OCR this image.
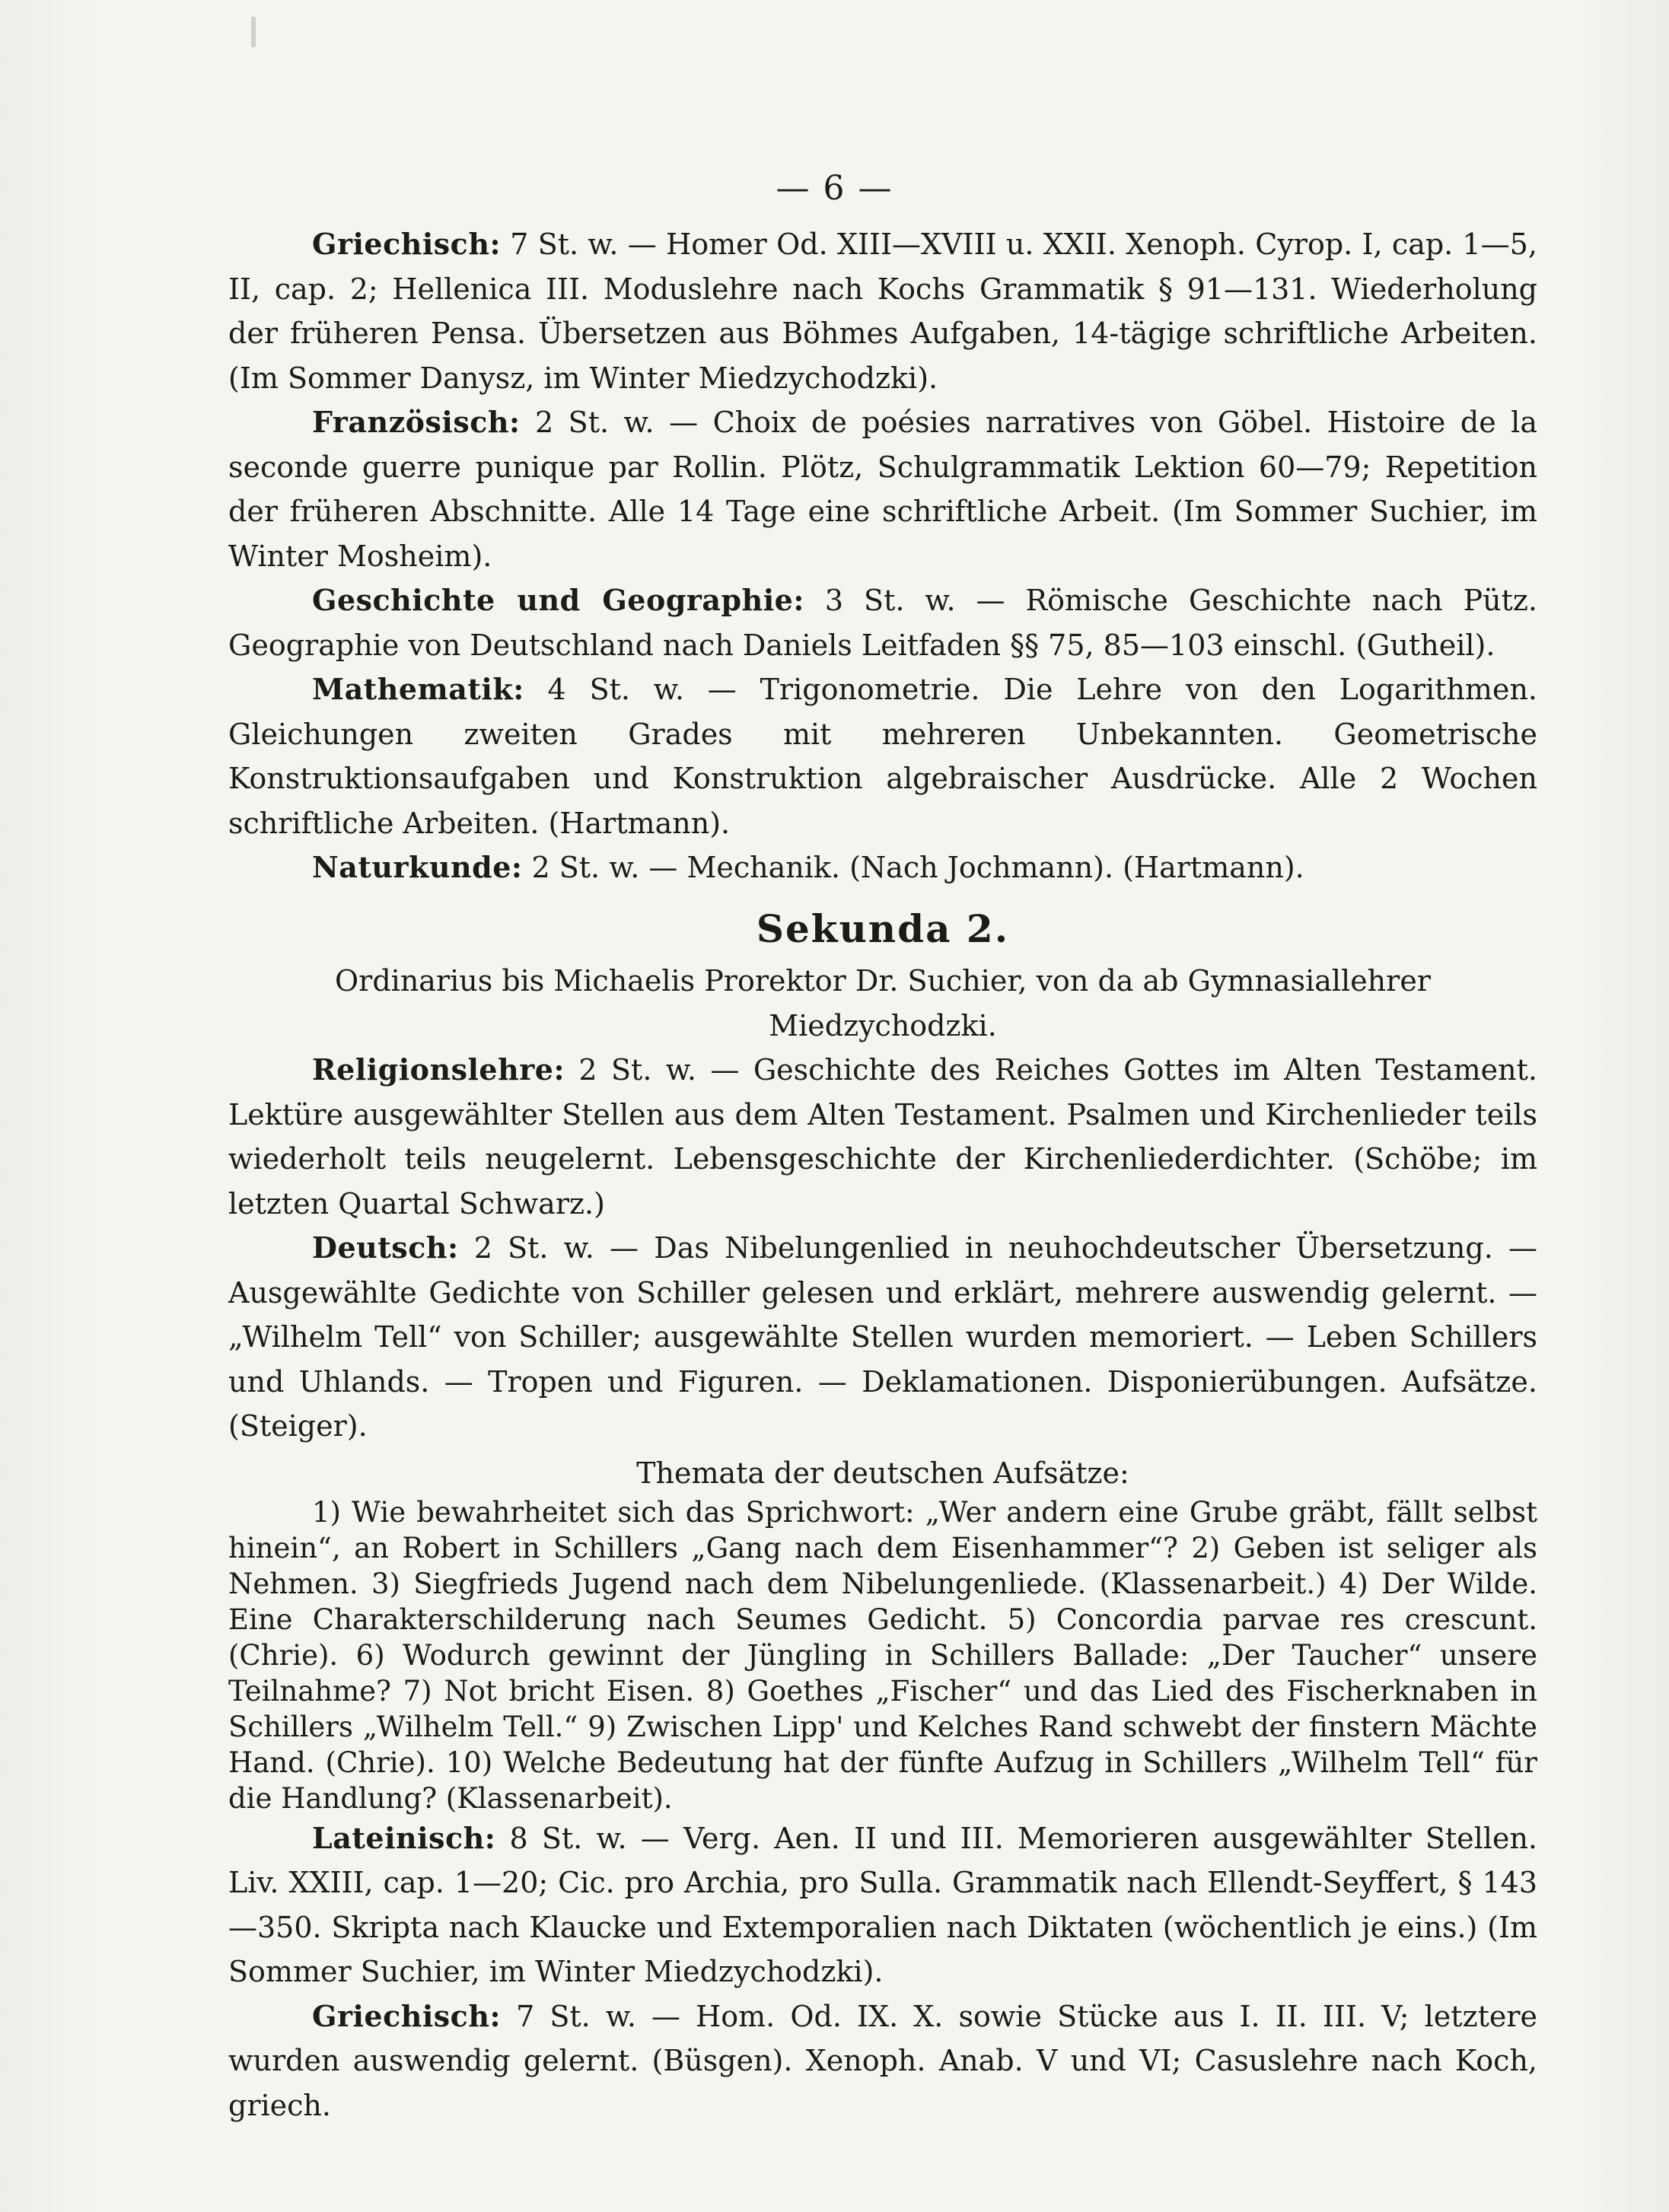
— 6 —

Griechisch: 7 St. w. — Homer Od. XIII—XVIII u. XXII. Xenoph. Cyrop. I, cap. 1—5, II, cap. 2; Hellenica III. Moduslehre nach Kochs Grammatik § 91—131. Wiederholung der früheren Pensa. Übersetzen aus Böhmes Aufgaben, 14-tägige schriftliche Arbeiten. (Im Sommer Danysz, im Winter Miedzychodzki).

Französisch: 2 St. w. — Choix de poésies narratives von Göbel. Histoire de la seconde guerre punique par Rollin. Plötz, Schulgrammatik Lektion 60—79; Repetition der früheren Abschnitte. Alle 14 Tage eine schriftliche Arbeit. (Im Sommer Suchier, im Winter Mosheim).

Geschichte und Geographie: 3 St. w. — Römische Geschichte nach Pütz. Geographie von Deutschland nach Daniels Leitfaden §§ 75, 85—103 einschl. (Gutheil).

Mathematik: 4 St. w. — Trigonometrie. Die Lehre von den Logarithmen. Gleichungen zweiten Grades mit mehreren Unbekannten. Geometrische Konstruktionsaufgaben und Konstruktion algebraischer Ausdrücke. Alle 2 Wochen schriftliche Arbeiten. (Hartmann).

Naturkunde: 2 St. w. — Mechanik. (Nach Jochmann). (Hartmann).

Sekunda 2.

Ordinarius bis Michaelis Prorektor Dr. Suchier, von da ab Gymnasiallehrer Miedzychodzki.

Religionslehre: 2 St. w. — Geschichte des Reiches Gottes im Alten Testament. Lektüre ausgewählter Stellen aus dem Alten Testament. Psalmen und Kirchenlieder teils wiederholt teils neugelernt. Lebensgeschichte der Kirchenliederdichter. (Schöbe; im letzten Quartal Schwarz.)

Deutsch: 2 St. w. — Das Nibelungenlied in neuhochdeutscher Übersetzung. — Ausgewählte Gedichte von Schiller gelesen und erklärt, mehrere auswendig gelernt. — „Wilhelm Tell“ von Schiller; ausgewählte Stellen wurden memoriert. — Leben Schillers und Uhlands. — Tropen und Figuren. — Deklamationen. Disponierübungen. Aufsätze. (Steiger).

Themata der deutschen Aufsätze:

1) Wie bewahrheitet sich das Sprichwort: „Wer andern eine Grube gräbt, fällt selbst hinein“, an Robert in Schillers „Gang nach dem Eisenhammer“? 2) Geben ist seliger als Nehmen. 3) Siegfrieds Jugend nach dem Nibelungenliede. (Klassenarbeit.) 4) Der Wilde. Eine Charakterschilderung nach Seumes Gedicht. 5) Concordia parvae res crescunt. (Chrie). 6) Wodurch gewinnt der Jüngling in Schillers Ballade: „Der Taucher“ unsere Teilnahme? 7) Not bricht Eisen. 8) Goethes „Fischer“ und das Lied des Fischerknaben in Schillers „Wilhelm Tell.“ 9) Zwischen Lipp' und Kelches Rand schwebt der finstern Mächte Hand. (Chrie). 10) Welche Bedeutung hat der fünfte Aufzug in Schillers „Wilhelm Tell“ für die Handlung? (Klassenarbeit).

Lateinisch: 8 St. w. — Verg. Aen. II und III. Memorieren ausgewählter Stellen. Liv. XXIII, cap. 1—20; Cic. pro Archia, pro Sulla. Grammatik nach Ellendt-Seyffert, § 143—350. Skripta nach Klaucke und Extemporalien nach Diktaten (wöchentlich je eins.) (Im Sommer Suchier, im Winter Miedzychodzki).

Griechisch: 7 St. w. — Hom. Od. IX. X. sowie Stücke aus I. II. III. V; letztere wurden auswendig gelernt. (Büsgen). Xenoph. Anab. V und VI; Casuslehre nach Koch, griech.
